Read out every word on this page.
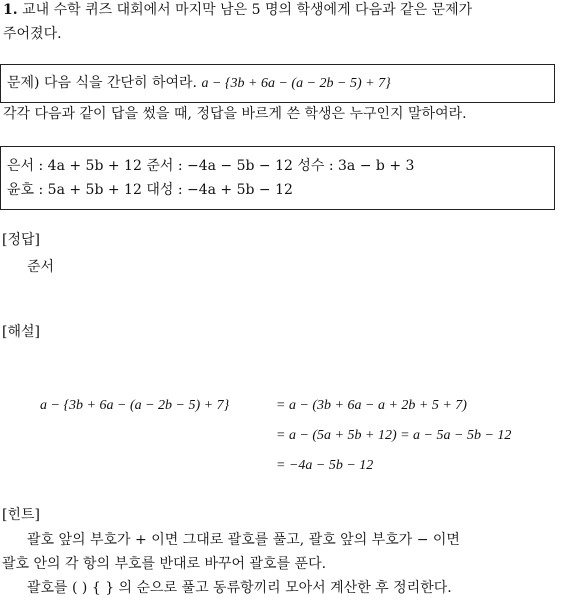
1. 교내 수학 퀴즈 대회에서 마지막 남은 5 명의 학생에게 다음과 같은 문제가
주어졌다.
문제) 다음 식을 간단히 하여라. a − {3b + 6a − (a − 2b − 5) + 7}
각각 다음과 같이 답을 썼을 때, 정답을 바르게 쓴 학생은 누구인지 말하여라.
은서 : 4a + 5b + 12 준서 : −4a − 5b − 12 성수 : 3a − b + 3
윤호 : 5a + 5b + 12 대성 : −4a + 5b − 12
[정답]
준서
[해설]
a − {3b + 6a − (a − 2b − 5) + 7}	= a − (3b + 6a − a + 2b + 5 + 7)
= a − (5a + 5b + 12) = a − 5a − 5b − 12
= −4a − 5b − 12
[힌트]
괄호 앞의 부호가 + 이면 그대로 괄호를 풀고, 괄호 앞의 부호가 − 이면
괄호 안의 각 항의 부호를 반대로 바꾸어 괄호를 푼다.
괄호를 ( ) { } 의 순으로 풀고 동류항끼리 모아서 계산한 후 정리한다.
